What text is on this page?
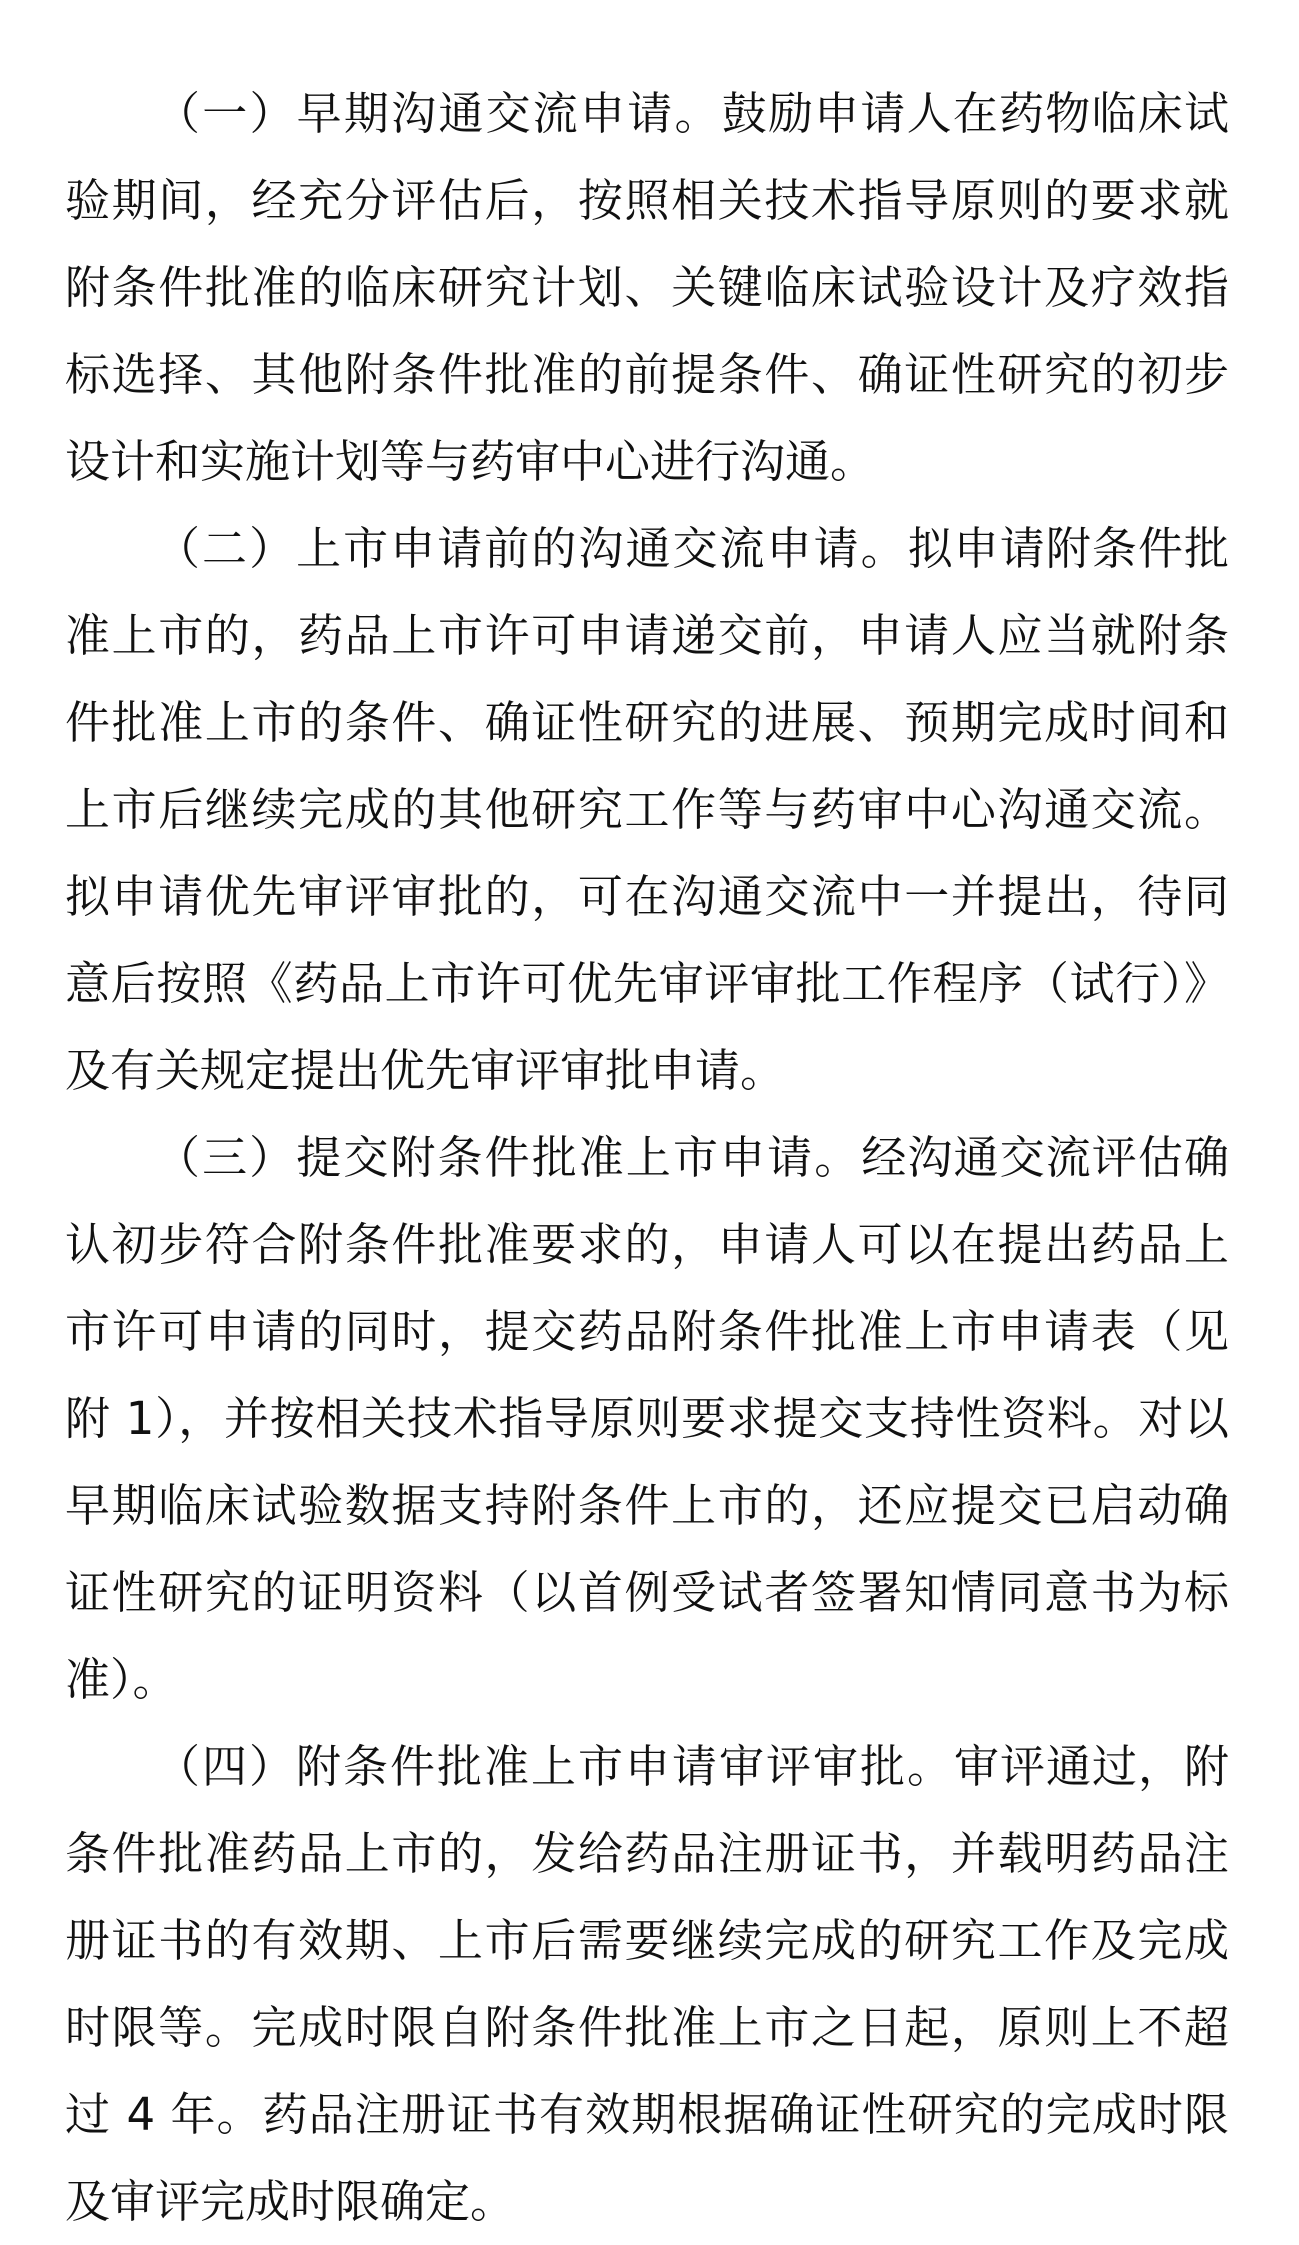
（一）早期沟通交流申请。鼓励申请人在药物临床试验期间，经充分评估后，按照相关技术指导原则的要求就附条件批准的临床研究计划、关键临床试验设计及疗效指标选择、其他附条件批准的前提条件、确证性研究的初步设计和实施计划等与药审中心进行沟通。

（二）上市申请前的沟通交流申请。拟申请附条件批准上市的，药品上市许可申请递交前，申请人应当就附条件批准上市的条件、确证性研究的进展、预期完成时间和上市后继续完成的其他研究工作等与药审中心沟通交流。拟申请优先审评审批的，可在沟通交流中一并提出，待同意后按照《药品上市许可优先审评审批工作程序（试行）》及有关规定提出优先审评审批申请。

（三）提交附条件批准上市申请。经沟通交流评估确认初步符合附条件批准要求的，申请人可以在提出药品上市许可申请的同时，提交药品附条件批准上市申请表（见附 1），并按相关技术指导原则要求提交支持性资料。对以早期临床试验数据支持附条件上市的，还应提交已启动确证性研究的证明资料（以首例受试者签署知情同意书为标准）。

（四）附条件批准上市申请审评审批。审评通过，附条件批准药品上市的，发给药品注册证书，并载明药品注册证书的有效期、上市后需要继续完成的研究工作及完成时限等。完成时限自附条件批准上市之日起，原则上不超过 4 年。药品注册证书有效期根据确证性研究的完成时限及审评完成时限确定。
